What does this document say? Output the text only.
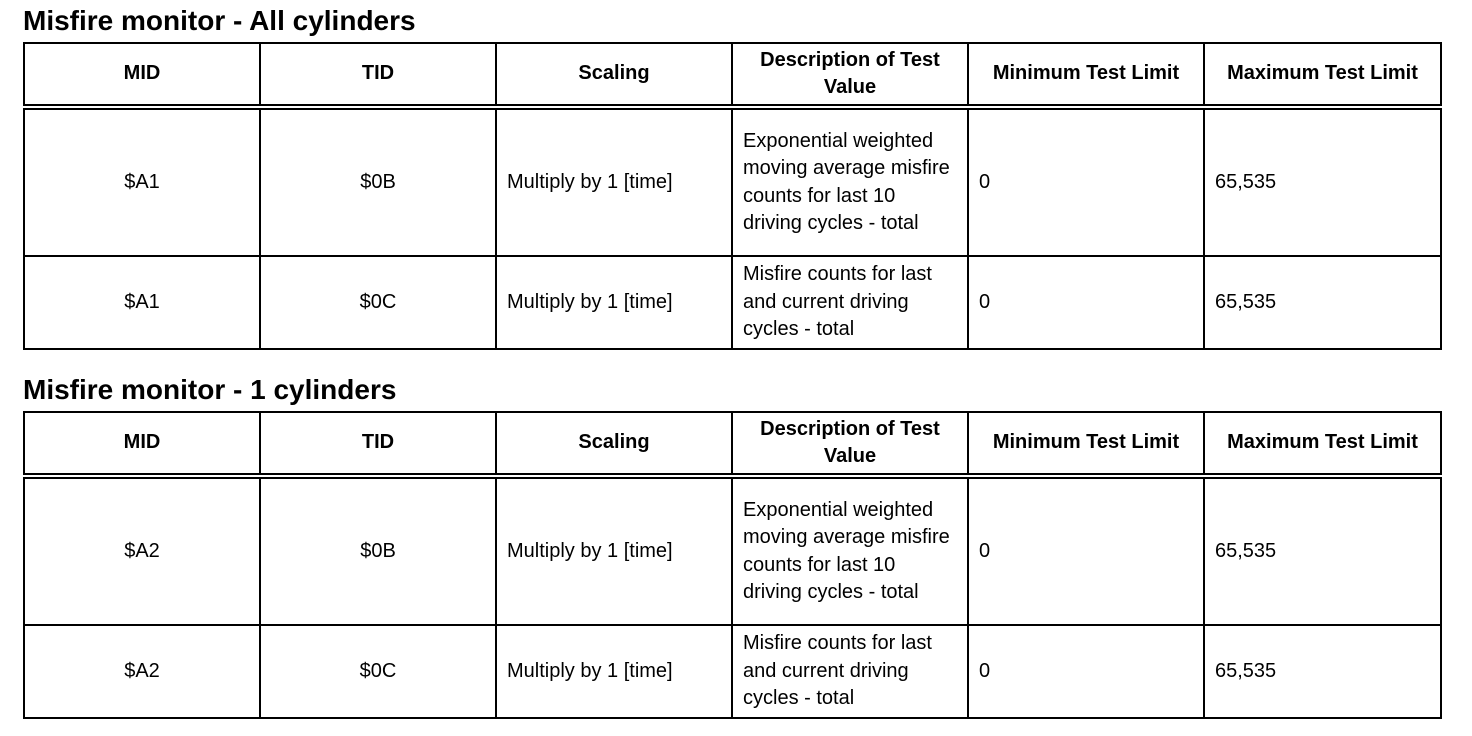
Misfire monitor - All cylinders
MID	TID	Scaling	Description of Test Value	Minimum Test Limit	Maximum Test Limit
$A1	$0B	Multiply by 1 [time]	Exponential weighted moving average misfire counts for last 10 driving cycles - total	0	65,535
$A1	$0C	Multiply by 1 [time]	Misfire counts for last and current driving cycles - total	0	65,535
Misfire monitor - 1 cylinders
MID	TID	Scaling	Description of Test Value	Minimum Test Limit	Maximum Test Limit
$A2	$0B	Multiply by 1 [time]	Exponential weighted moving average misfire counts for last 10 driving cycles - total	0	65,535
$A2	$0C	Multiply by 1 [time]	Misfire counts for last and current driving cycles - total	0	65,535
